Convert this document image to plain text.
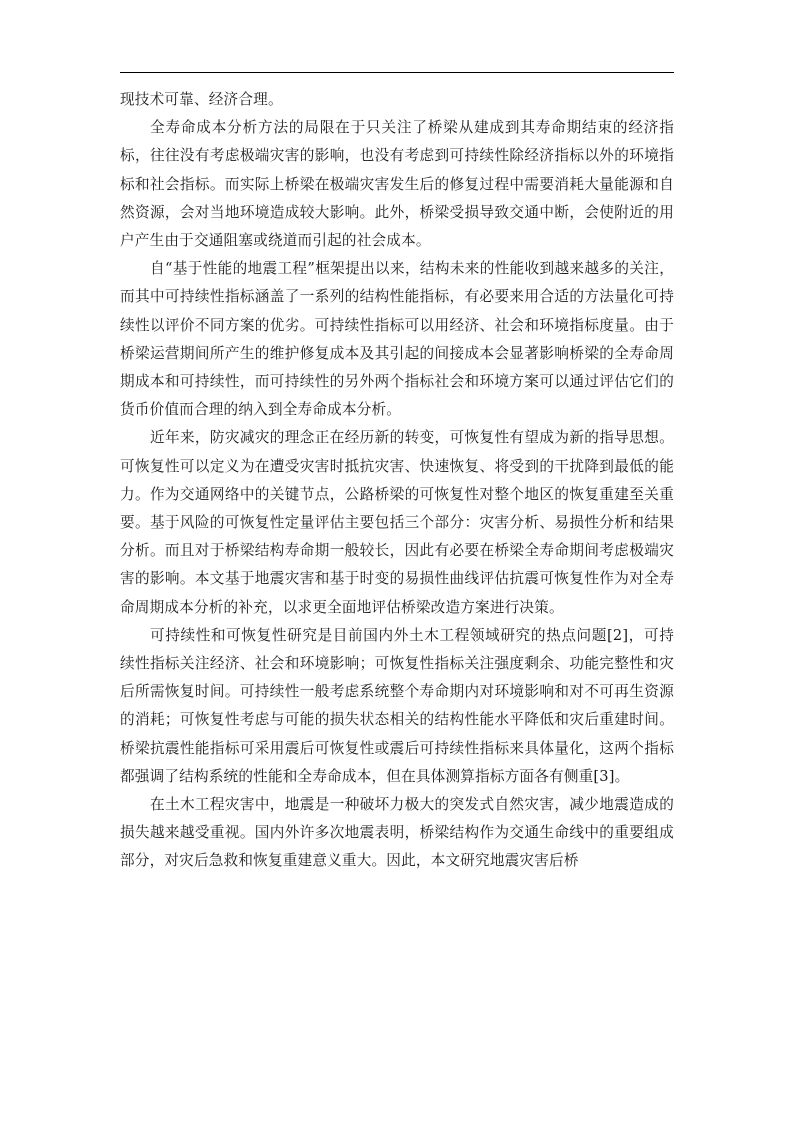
现技术可靠、经济合理。

全寿命成本分析方法的局限在于只关注了桥梁从建成到其寿命期结束的经济指标，往往没有考虑极端灾害的影响，也没有考虑到可持续性除经济指标以外的环境指标和社会指标。而实际上桥梁在极端灾害发生后的修复过程中需要消耗大量能源和自然资源，会对当地环境造成较大影响。此外，桥梁受损导致交通中断，会使附近的用户产生由于交通阻塞或绕道而引起的社会成本。

自“基于性能的地震工程”框架提出以来，结构未来的性能收到越来越多的关注，而其中可持续性指标涵盖了一系列的结构性能指标，有必要来用合适的方法量化可持续性以评价不同方案的优劣。可持续性指标可以用经济、社会和环境指标度量。由于桥梁运营期间所产生的维护修复成本及其引起的间接成本会显著影响桥梁的全寿命周期成本和可持续性，而可持续性的另外两个指标社会和环境方案可以通过评估它们的货币价值而合理的纳入到全寿命成本分析。

近年来，防灾减灾的理念正在经历新的转变，可恢复性有望成为新的指导思想。可恢复性可以定义为在遭受灾害时抵抗灾害、快速恢复、将受到的干扰降到最低的能力。作为交通网络中的关键节点，公路桥梁的可恢复性对整个地区的恢复重建至关重要。基于风险的可恢复性定量评估主要包括三个部分：灾害分析、易损性分析和结果分析。而且对于桥梁结构寿命期一般较长，因此有必要在桥梁全寿命期间考虑极端灾害的影响。本文基于地震灾害和基于时变的易损性曲线评估抗震可恢复性作为对全寿命周期成本分析的补充，以求更全面地评估桥梁改造方案进行决策。

可持续性和可恢复性研究是目前国内外土木工程领域研究的热点问题[2]，可持续性指标关注经济、社会和环境影响；可恢复性指标关注强度剩余、功能完整性和灾后所需恢复时间。可持续性一般考虑系统整个寿命期内对环境影响和对不可再生资源的消耗；可恢复性考虑与可能的损失状态相关的结构性能水平降低和灾后重建时间。桥梁抗震性能指标可采用震后可恢复性或震后可持续性指标来具体量化，这两个指标都强调了结构系统的性能和全寿命成本，但在具体测算指标方面各有侧重[3]。

在土木工程灾害中，地震是一种破坏力极大的突发式自然灾害，减少地震造成的损失越来越受重视。国内外许多次地震表明，桥梁结构作为交通生命线中的重要组成部分，对灾后急救和恢复重建意义重大。因此，本文研究地震灾害后桥
